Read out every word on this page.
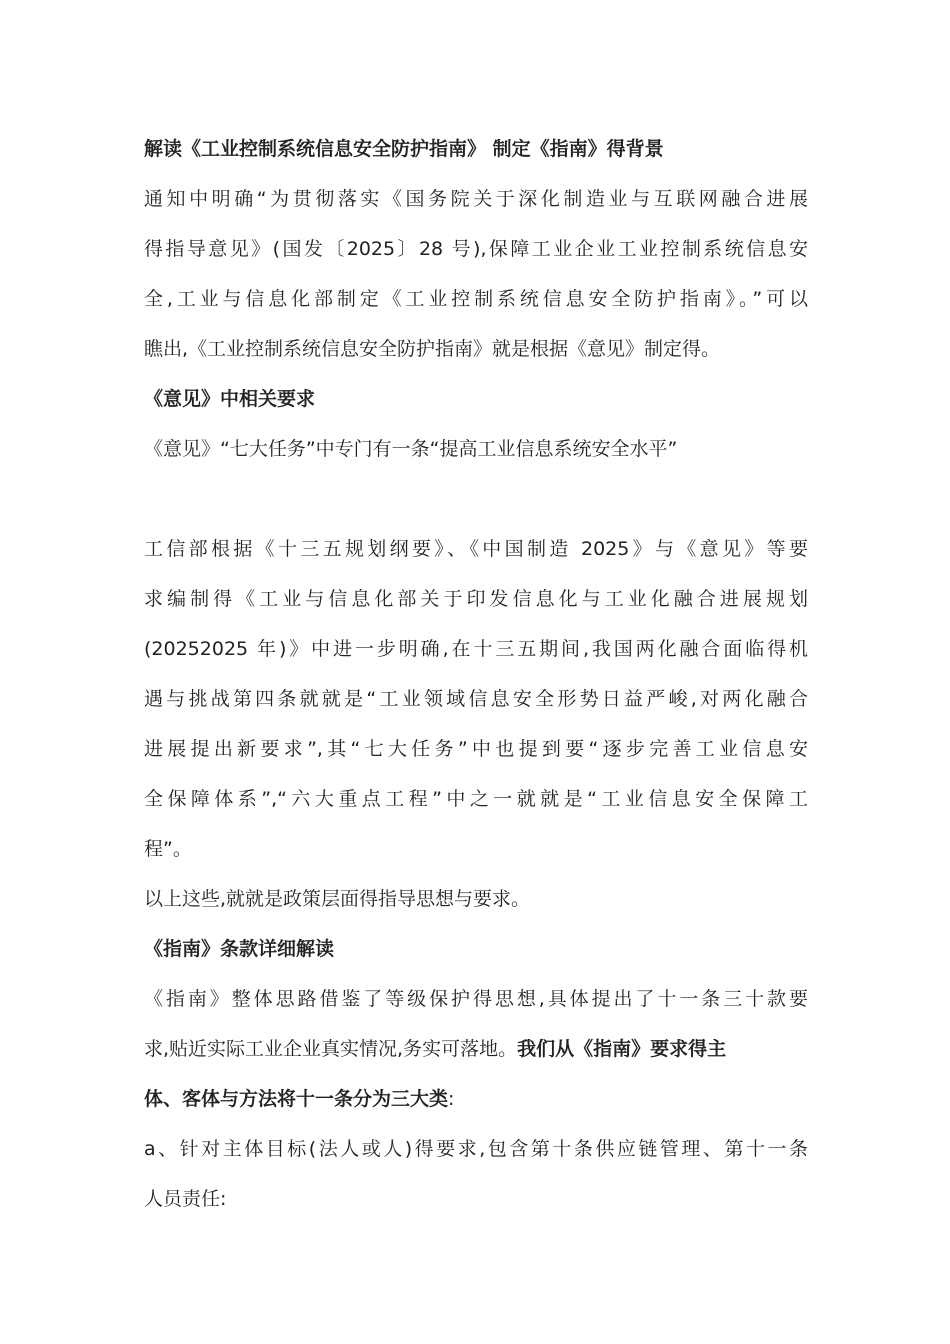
解读《工业控制系统信息安全防护指南》 制定《指南》得背景
通知中明确“为贯彻落实《国务院关于深化制造业与互联网融合进展
得指导意见》(国发〔2025〕28 号),保障工业企业工业控制系统信息安
全,工业与信息化部制定《工业控制系统信息安全防护指南》。”可以
瞧出,《工业控制系统信息安全防护指南》就是根据《意见》制定得。
《意见》中相关要求
《意见》“七大任务”中专门有一条“提高工业信息系统安全水平”
工信部根据《十三五规划纲要》、《中国制造 2025》与《意见》等要
求编制得《工业与信息化部关于印发信息化与工业化融合进展规划
(20252025 年)》中进一步明确,在十三五期间,我国两化融合面临得机
遇与挑战第四条就就是“工业领域信息安全形势日益严峻,对两化融合
进展提出新要求”,其“七大任务”中也提到要“逐步完善工业信息安
全保障体系”,“六大重点工程”中之一就就是“工业信息安全保障工
程”。
以上这些,就就是政策层面得指导思想与要求。
《指南》条款详细解读
《指南》整体思路借鉴了等级保护得思想,具体提出了十一条三十款要
求,贴近实际工业企业真实情况,务实可落地。我们从《指南》要求得主
体、客体与方法将十一条分为三大类:
a、针对主体目标(法人或人)得要求,包含第十条供应链管理、第十一条
人员责任:
